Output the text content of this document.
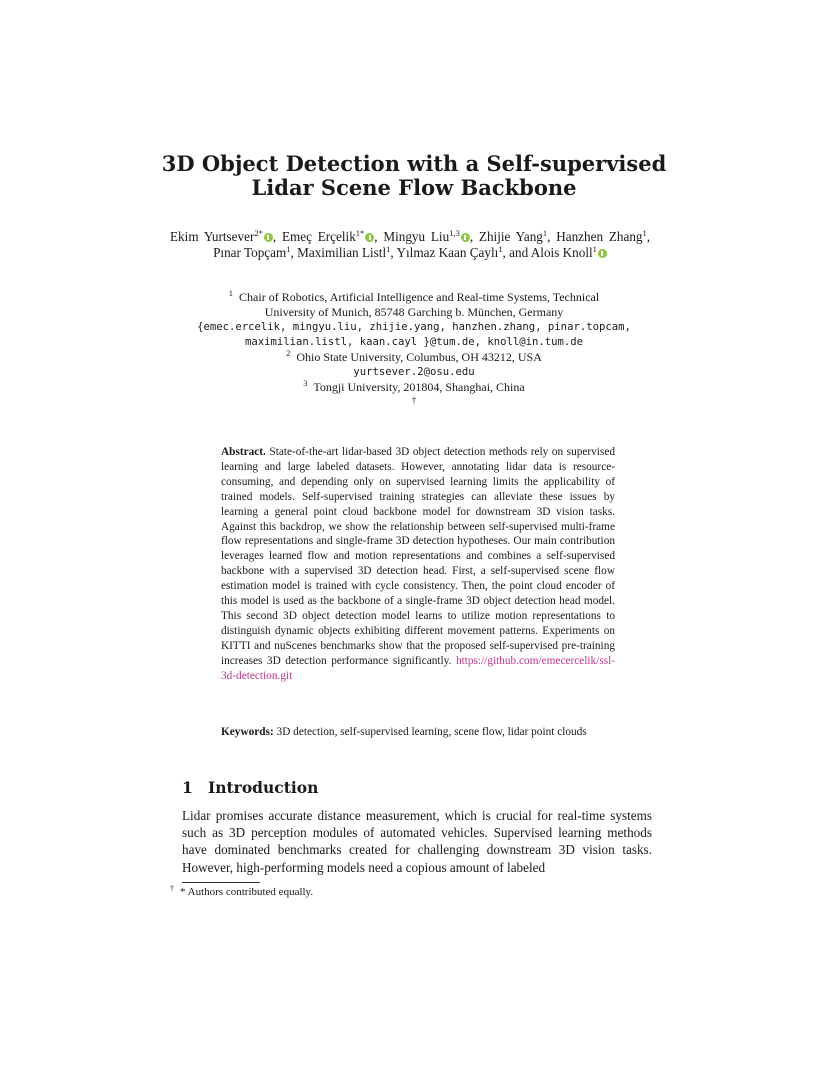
3D Object Detection with a Self-supervised
Lidar Scene Flow Backbone
Ekim Yurtsever$^{2*}$ , Emeç Erçelik$^{1*}$ , Mingyu Liu$^{1,3}$ , Zhijie Yang$^1$, Hanzhen Zhang$^1$, Pınar Topçam$^1$, Maximilian Listl$^1$, Yılmaz Kaan Çaylı$^1$, and Alois Knoll$^1$
$^1$ Chair of Robotics, Artificial Intelligence and Real-time Systems, Technical
University of Munich, 85748 Garching b. München, Germany
{emec.ercelik, mingyu.liu, zhijie.yang, hanzhen.zhang, pinar.topcam,
maximilian.listl, kaan.cayl }@tum.de, knoll@in.tum.de
$^2$ Ohio State University, Columbus, OH 43212, USA
yurtsever.2@osu.edu
$^3$ Tongji University, 201804, Shanghai, China
†
Abstract. State-of-the-art lidar-based 3D object detection methods rely on supervised learning and large labeled datasets. However, annotating lidar data is resource-consuming, and depending only on supervised learning limits the applicability of trained models. Self-supervised training strategies can alleviate these issues by learning a general point cloud backbone model for downstream 3D vision tasks. Against this backdrop, we show the relationship between self-supervised multi-frame flow representations and single-frame 3D detection hypotheses. Our main contribution leverages learned flow and motion representations and combines a self-supervised backbone with a supervised 3D detection head. First, a self-supervised scene flow estimation model is trained with cycle consistency. Then, the point cloud encoder of this model is used as the backbone of a single-frame 3D object detection head model. This second 3D object detection model learns to utilize motion representations to distinguish dynamic objects exhibiting different movement patterns. Experiments on KITTI and nuScenes benchmarks show that the proposed self-supervised pre-training increases 3D detection performance significantly. https://github.com/emecercelik/ssl-3d-detection.git
Keywords: 3D detection, self-supervised learning, scene flow, lidar point clouds
1 Introduction
Lidar promises accurate distance measurement, which is crucial for real-time systems such as 3D perception modules of automated vehicles. Supervised learning methods have dominated benchmarks created for challenging downstream 3D vision tasks. However, high-performing models need a copious amount of labeled
† * Authors contributed equally.
